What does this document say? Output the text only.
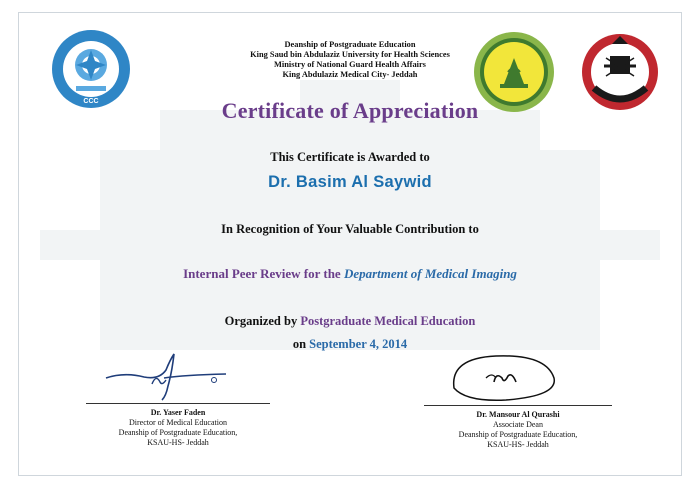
CCC
Deanship of Postgraduate Education
King Saud bin Abdulaziz University for Health Sciences
Ministry of National Guard Health Affairs
King Abdulaziz Medical City- Jeddah
Certificate of Appreciation
This Certificate is Awarded to
Dr. Basim Al Saywid
In Recognition of Your Valuable Contribution to
Internal Peer Review for the Department of Medical Imaging
Organized by Postgraduate Medical Education
on September 4, 2014
Dr. Yaser Faden
Director of Medical Education
Deanship of Postgraduate Education,
KSAU-HS- Jeddah
Dr. Mansour Al Qurashi
Associate Dean
Deanship of Postgraduate Education,
KSAU-HS- Jeddah
